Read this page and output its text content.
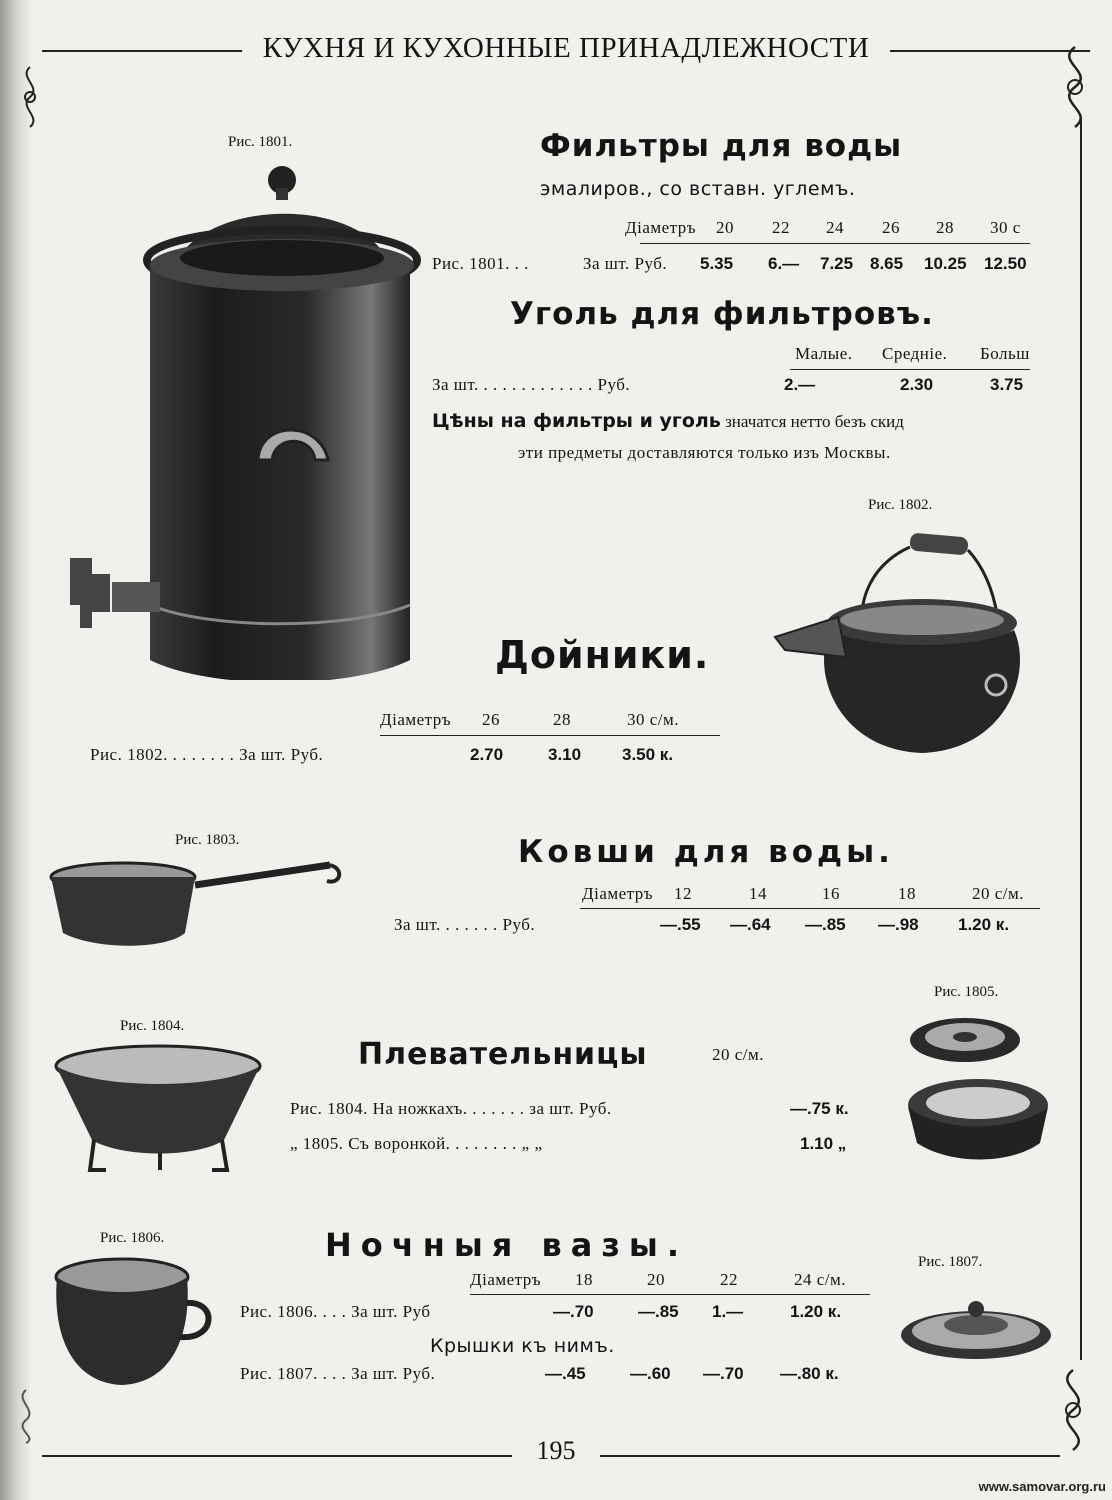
КУХНЯ И КУХОННЫЕ ПРИНАДЛЕЖНОСТИ
Рис. 1801.	Фильтры для воды
эмалиров., со вставн. углемъ.
Діаметръ 20 22 24 26 28 30 с
Рис. 1801. . .	За шт. Руб. 5.35 6.— 7.25 8.65 10.25 12.50
Уголь для фильтровъ.
Малые. Средніе. Больш
За шт. . . . . . . . . . . . . Руб.	2.—	2.30	3.75
Цѣны на фильтры и уголь значатся нетто безъ скид
эти предметы доставляются только изъ Москвы.
Рис. 1802.
Дойники.
Діаметръ 26	28	30 с/м.
Рис. 1802. . . . . . . . За шт. Руб.	2.70	3.10 3.50 к.
Рис. 1803.	Ковши для воды.
Діаметръ 12	14	16	18	20 с/м.
За шт. . . . . . . Руб.	—.55 —.64 —.85 —.98 1.20 к.
Рис. 1804.
Рис. 1805.
Плевательницы	20 с/м.
Рис. 1804. На ножкахъ. . . . . . . за шт. Руб.	—.75 к.
„ 1805. Съ воронкой. . . . . . . . „ „	1.10 „
Рис. 1806.
Рис. 1807.
Ночныя вазы.
Діаметръ 18	20	22	24 с/м.
Рис. 1806. . . . За шт. Руб	—.70	—.85 1.—	1.20 к.
Крышки къ нимъ.
Рис. 1807. . . . За шт. Руб.	—.45	—.60 —.70 —.80 к.
195
www.samovar.org.ru
